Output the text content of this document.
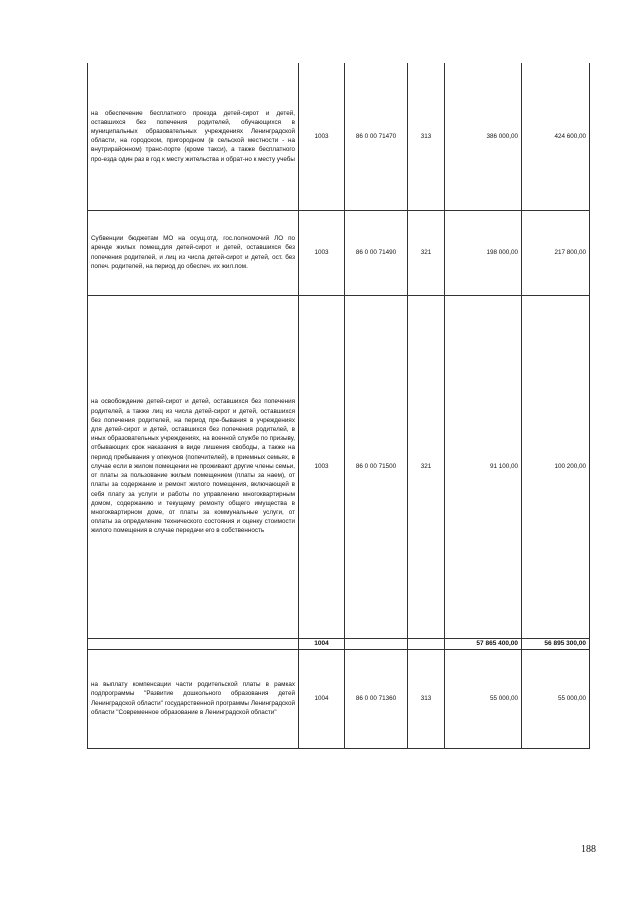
на обеспечение бесплатного проезда детей-сирот и детей, оставшихся без попечения родителей, обучающихся в муниципальных образовательных учреждениях Ленинградской области, на городском, пригородном (в сельской местности - на внутрирайонном) транс-порте (кроме такси), а также бесплатного про-езда один раз в год к месту жительства и обрат-но к месту учебы	1003	86 0 00 71470	313	386 000,00	424 600,00
Субвенции бюджетам МО на осущ.отд. гос.полномочий ЛО по аренде жилых помещ.для детей-сирот и детей, оставшихся без попечения родителей, и лиц из числа детей-сирот и детей, ост. без попеч. родителей, на период до обеспеч. их жил.пом.	1003	86 0 00 71490	321	198 000,00	217 800,00
на освобождение детей-сирот и детей, оставшихся без попечения родителей, а также лиц из числа детей-сирот и детей, оставшихся без попечения родителей, на период пре-бывания в учреждениях для детей-сирот и детей, оставшихся без попечения родителей, в иных образовательных учреждениях, на военной службе по призыву, отбывающих срок наказания в виде лишения свободы, а также на период пребывания у опекунов (попечителей), в приемных семьях, в случае если в жилом помещении не проживают другие члены семьи, от платы за пользование жилым помещением (платы за наем), от платы за содержание и ремонт жилого помещения, включающей в себя плату за услуги и работы по управлению многоквартирным домом, содержанию и текущему ремонту общего имущества в многоквартирном доме, от платы за коммунальные услуги, от оплаты за определение технического состояния и оценку стоимости жилого помещения в случае передачи его в собственность	1003	86 0 00 71500	321	91 100,00	100 200,00
	1004			57 865 400,00	56 895 300,00
на выплату компенсации части родительской платы в рамках подпрограммы "Развитие дошкольного образования детей Ленинградской области" государственной программы Ленинградской области "Современное образование в Ленинградской области"	1004	86 0 00 71360	313	55 000,00	55 000,00
188
